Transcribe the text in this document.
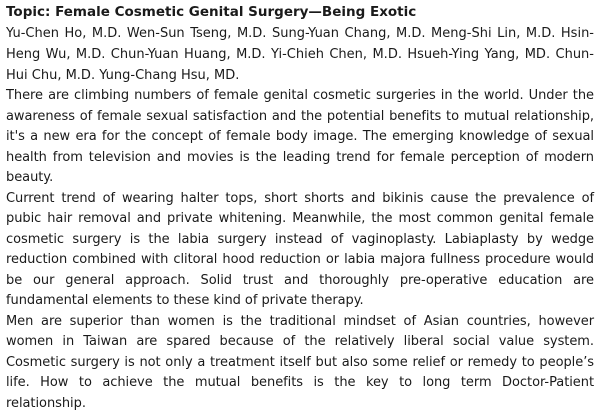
Topic: Female Cosmetic Genital Surgery—Being Exotic

Yu-Chen Ho, M.D. Wen-Sun Tseng, M.D. Sung-Yuan Chang, M.D. Meng-Shi Lin, M.D. Hsin-Heng Wu, M.D. Chun-Yuan Huang, M.D. Yi-Chieh Chen, M.D. Hsueh-Ying Yang, MD. Chun-Hui Chu, M.D. Yung-Chang Hsu, MD.

There are climbing numbers of female genital cosmetic surgeries in the world. Under the awareness of female sexual satisfaction and the potential benefits to mutual relationship, it's a new era for the concept of female body image. The emerging knowledge of sexual health from television and movies is the leading trend for female perception of modern beauty.

Current trend of wearing halter tops, short shorts and bikinis cause the prevalence of pubic hair removal and private whitening. Meanwhile, the most common genital female cosmetic surgery is the labia surgery instead of vaginoplasty. Labiaplasty by wedge reduction combined with clitoral hood reduction or labia majora fullness procedure would be our general approach. Solid trust and thoroughly pre-operative education are fundamental elements to these kind of private therapy.

Men are superior than women is the traditional mindset of Asian countries, however women in Taiwan are spared because of the relatively liberal social value system. Cosmetic surgery is not only a treatment itself but also some relief or remedy to people’s life. How to achieve the mutual benefits is the key to long term Doctor-Patient relationship.
